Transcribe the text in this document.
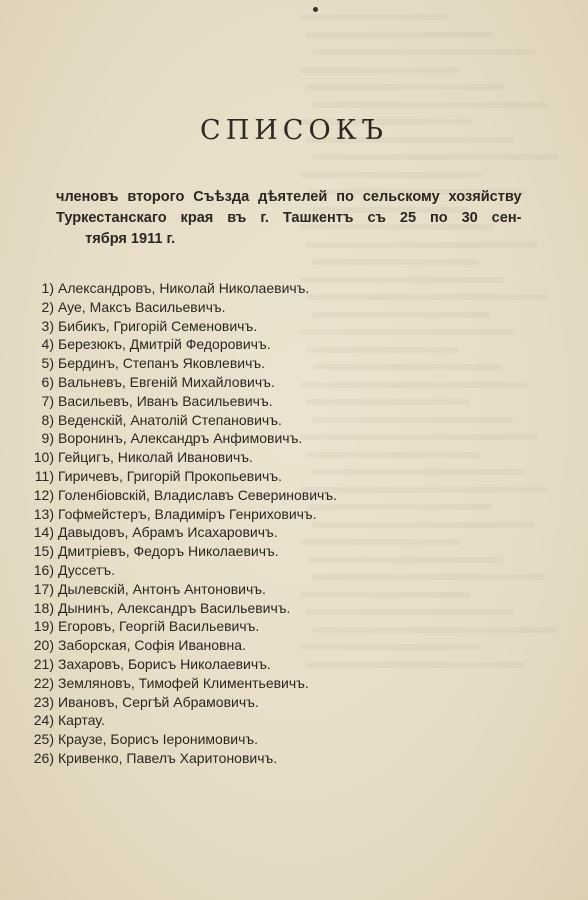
СПИСОКЪ
членовъ второго Съѣзда дѣятелей по сельскому хозяйству
Туркестанскаго края въ г. Ташкентъ съ 25 по 30 сен-
тября 1911 г.
1) Александровъ, Николай Николаевичъ.
2) Ауе, Максъ Васильевичъ.
3) Бибикъ, Григорій Семеновичъ.
4) Березюкъ, Дмитрій Федоровичъ.
5) Бердинъ, Степанъ Яковлевичъ.
6) Вальневъ, Евгеній Михайловичъ.
7) Васильевъ, Иванъ Васильевичъ.
8) Веденскій, Анатолій Степановичъ.
9) Воронинъ, Александръ Анфимовичъ.
10) Гейцигъ, Николай Ивановичъ.
11) Гиричевъ, Григорій Прокопьевичъ.
12) Голенбіовскій, Владиславъ Севериновичъ.
13) Гофмейстеръ, Владиміръ Генриховичъ.
14) Давыдовъ, Абрамъ Исахаровичъ.
15) Дмитріевъ, Федоръ Николаевичъ.
16) Дуссетъ.
17) Дылевскій, Антонъ Антоновичъ.
18) Дынинъ, Александръ Васильевичъ.
19) Егоровъ, Георгій Васильевичъ.
20) Заборская, Софія Ивановна.
21) Захаровъ, Борисъ Николаевичъ.
22) Земляновъ, Тимофей Климентьевичъ.
23) Ивановъ, Сергѣй Абрамовичъ.
24) Картау.
25) Краузе, Борисъ Іеронимовичъ.
26) Кривенко, Павелъ Харитоновичъ.
